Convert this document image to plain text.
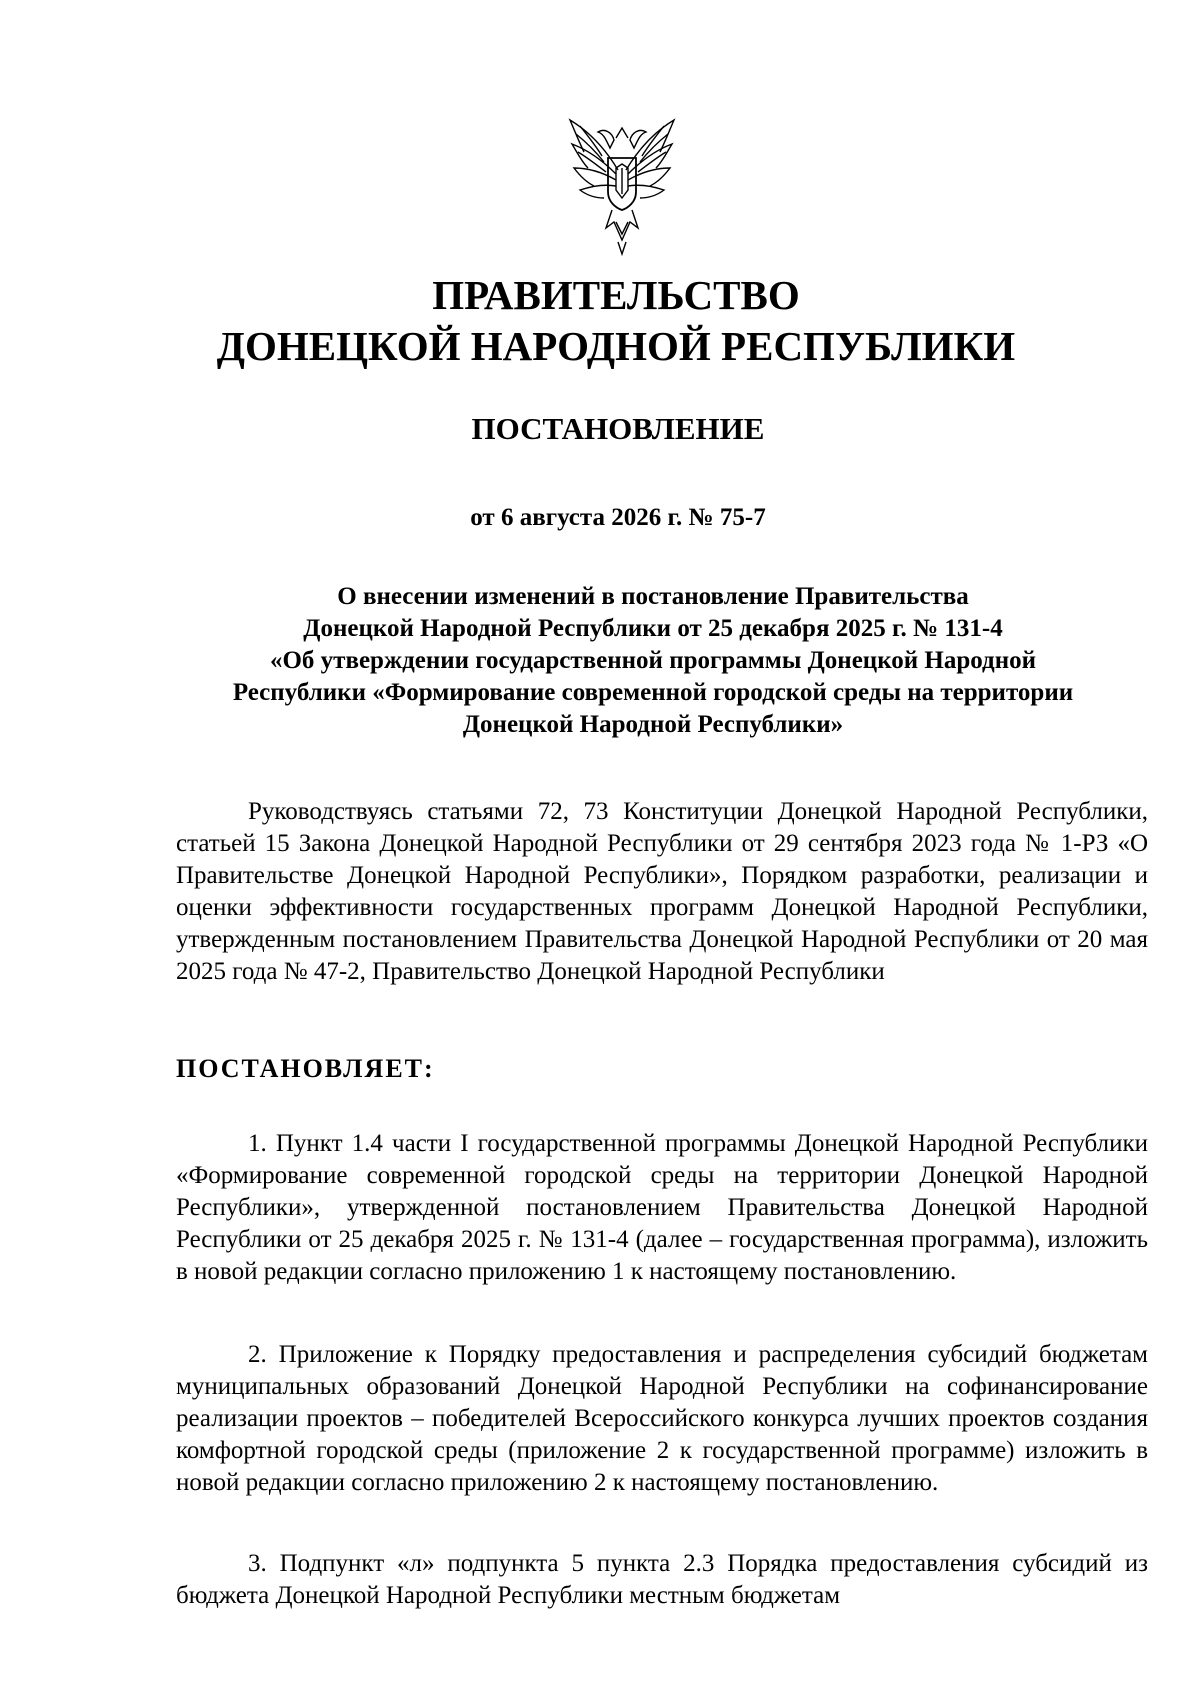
ПРАВИТЕЛЬСТВО
ДОНЕЦКОЙ НАРОДНОЙ РЕСПУБЛИКИ
ПОСТАНОВЛЕНИЕ

от 6 августа 2026 г. № 75-7

О внесении изменений в постановление Правительства
Донецкой Народной Республики от 25 декабря 2025 г. № 131-4
«Об утверждении государственной программы Донецкой Народной
Республики «Формирование современной городской среды на территории
Донецкой Народной Республики»

Руководствуясь статьями 72, 73 Конституции Донецкой Народной Республики, статьей 15 Закона Донецкой Народной Республики от 29 сентября 2023 года № 1-РЗ «О Правительстве Донецкой Народной Республики», Порядком разработки, реализации и оценки эффективности государственных программ Донецкой Народной Республики, утвержденным постановлением Правительства Донецкой Народной Республики от 20 мая 2025 года № 47-2, Правительство Донецкой Народной Республики

ПОСТАНОВЛЯЕТ:

1. Пункт 1.4 части I государственной программы Донецкой Народной Республики «Формирование современной городской среды на территории Донецкой Народной Республики», утвержденной постановлением Правительства Донецкой Народной Республики от 25 декабря 2025 г. № 131-4 (далее – государственная программа), изложить в новой редакции согласно приложению 1 к настоящему постановлению.

2. Приложение к Порядку предоставления и распределения субсидий бюджетам муниципальных образований Донецкой Народной Республики на софинансирование реализации проектов – победителей Всероссийского конкурса лучших проектов создания комфортной городской среды (приложение 2 к государственной программе) изложить в новой редакции согласно приложению 2 к настоящему постановлению.

3. Подпункт «л» подпункта 5 пункта 2.3 Порядка предоставления субсидий из бюджета Донецкой Народной Республики местным бюджетам
